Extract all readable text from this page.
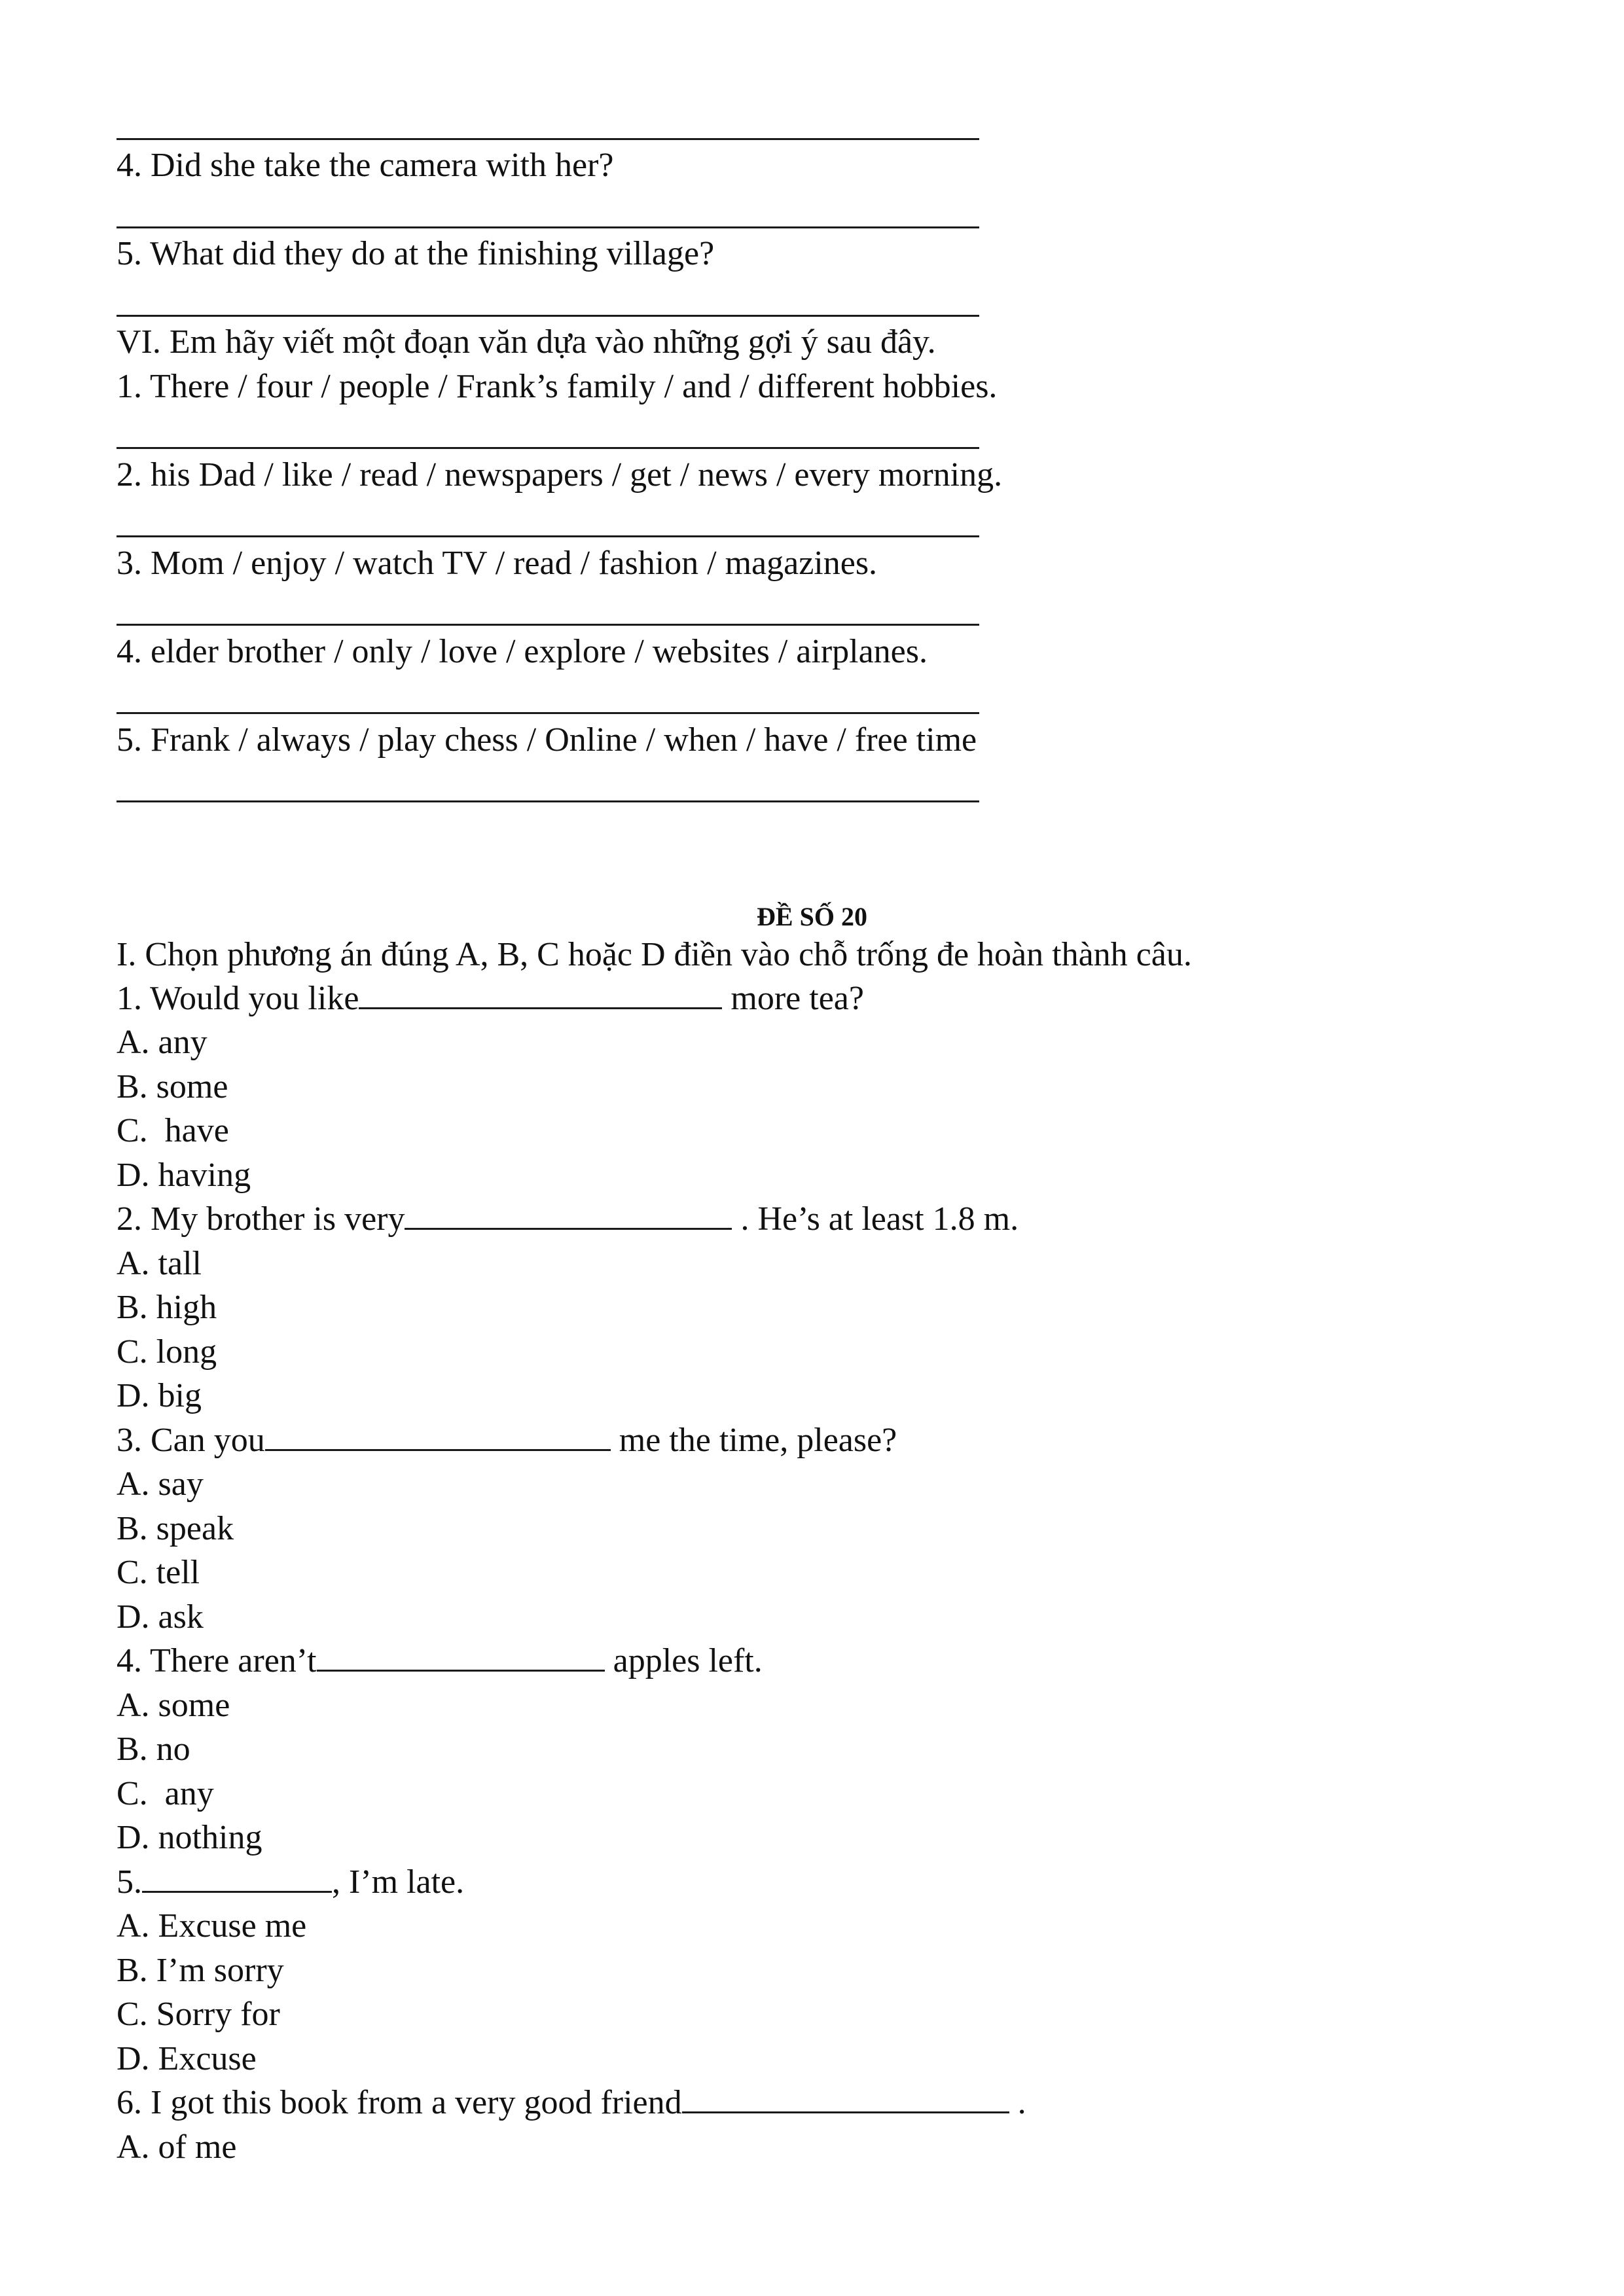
4. Did she take the camera with her?
5. What did they do at the finishing village?
VI. Em hãy viết một đoạn văn dựa vào những gợi ý sau đây.
1. There / four / people / Frank’s family / and / different hobbies.
2. his Dad / like / read / newspapers / get / news / every morning.
3. Mom / enjoy / watch TV / read / fashion / magazines.
4. elder brother / only / love / explore / websites / airplanes.
5. Frank / always / play chess / Online / when / have / free time
ĐỀ SỐ 20
I. Chọn phương án đúng A, B, C hoặc D điền vào chỗ trống đe hoàn thành câu.
1. Would you like	more tea?
A. any
B. some
C.  have
D. having
2. My brother is very	. He’s at least 1.8 m.
A. tall
B. high
C. long
D. big
3. Can you	me the time, please?
A. say
B. speak
C. tell
D. ask
4. There aren’t	apples left.
A. some
B. no
C.  any
D. nothing
5.	, I’m late.
A. Excuse me
B. I’m sorry
C. Sorry for
D. Excuse
6. I got this book from a very good friend	.
A. of me
